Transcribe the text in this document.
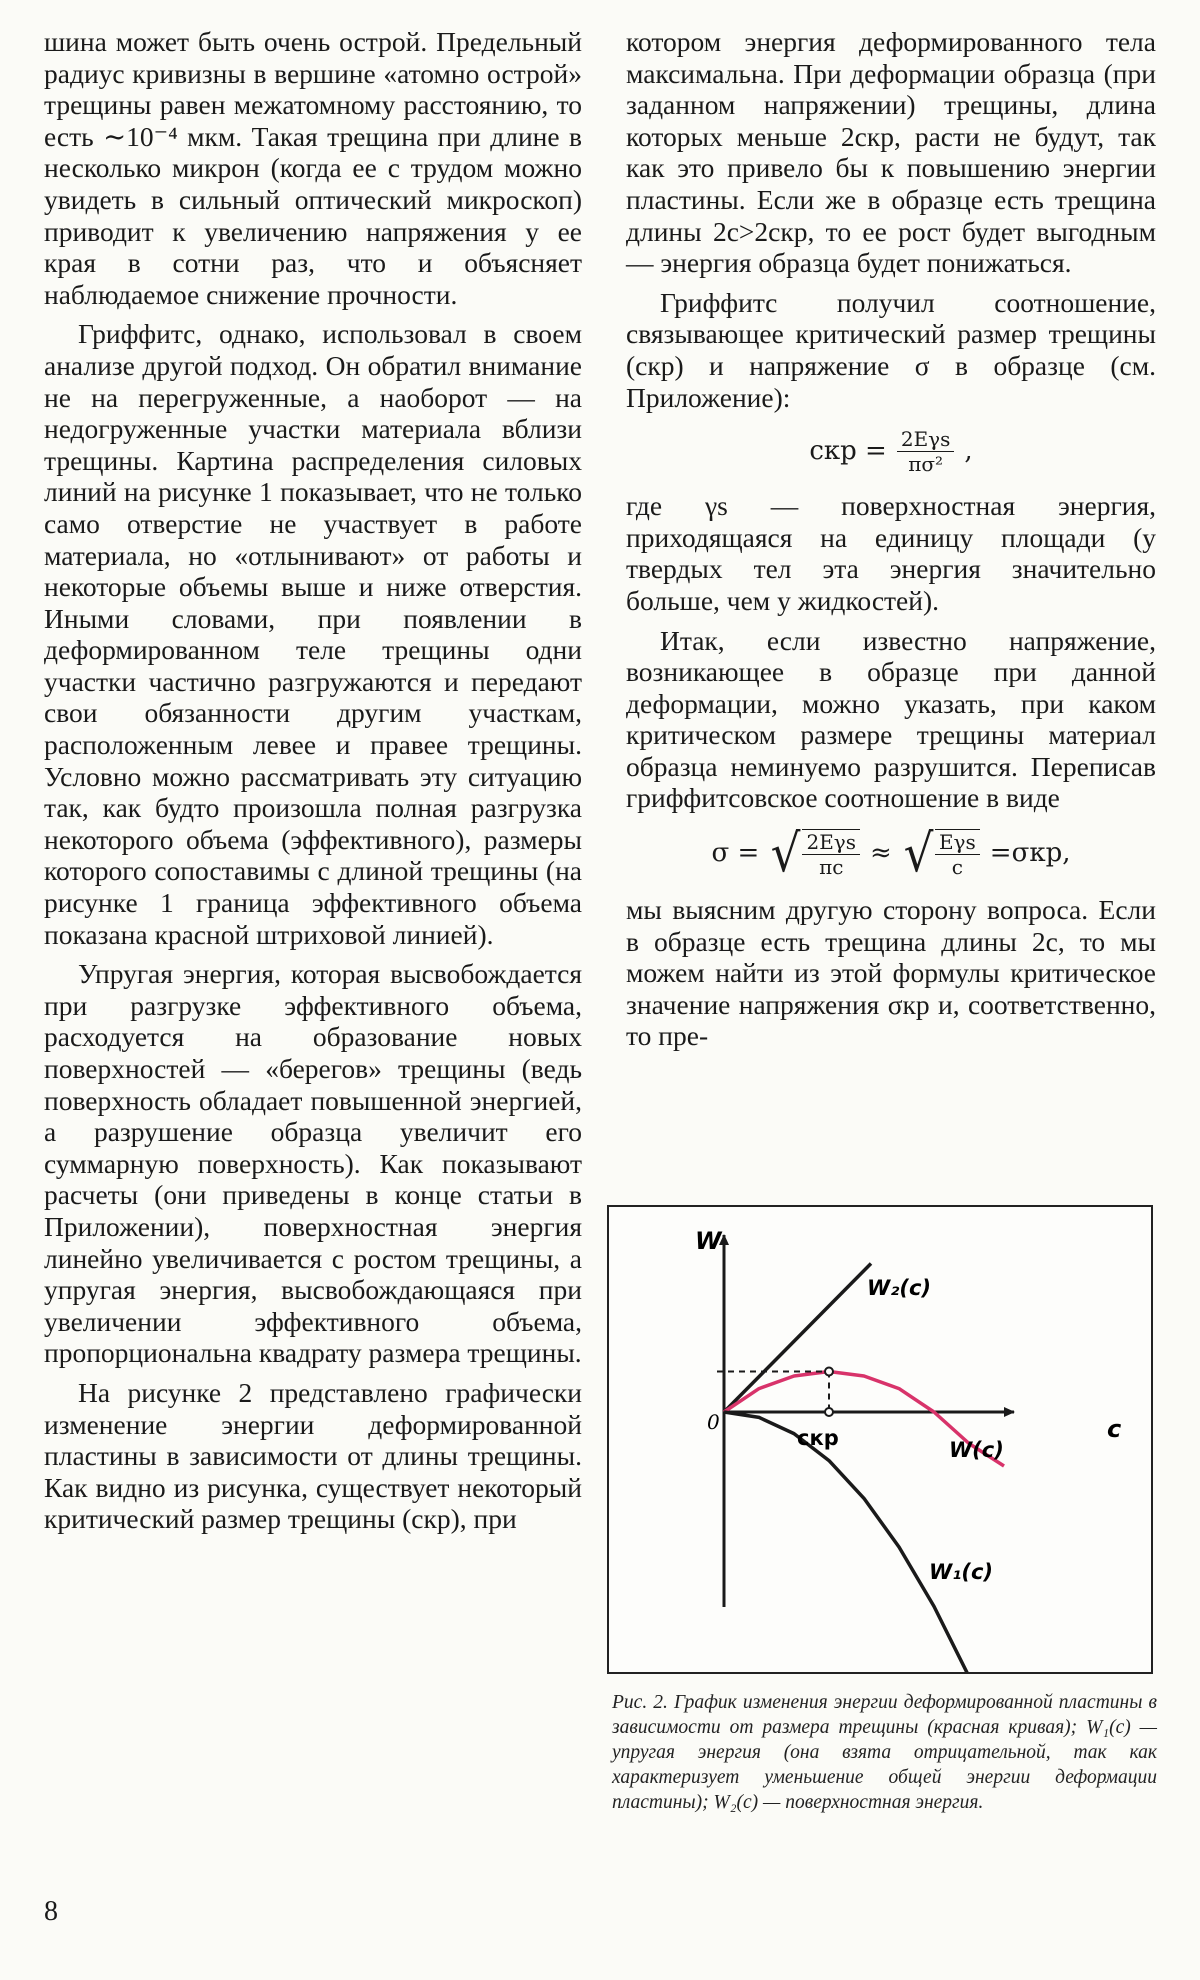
шина может быть очень острой. Предельный радиус кривизны в вершине «атомно острой» трещины равен межатомному расстоянию, то есть ∼10⁻⁴ мкм. Такая трещина при длине в несколько микрон (когда ее с трудом можно увидеть в сильный оптический микроскоп) приводит к увеличению напряжения у ее края в сотни раз, что и объясняет наблюдаемое снижение прочности.

Гриффитс, однако, использовал в своем анализе другой подход. Он обратил внимание не на перегруженные, а наоборот — на недогруженные участки материала вблизи трещины. Картина распределения силовых линий на рисунке 1 показывает, что не только само отверстие не участвует в работе материала, но «отлынивают» от работы и некоторые объемы выше и ниже отверстия. Иными словами, при появлении в деформированном теле трещины одни участки частично разгружаются и передают свои обязанности другим участкам, расположенным левее и правее трещины. Условно можно рассматривать эту ситуацию так, как будто произошла полная разгрузка некоторого объема (эффективного), размеры которого сопоставимы с длиной трещины (на рисунке 1 граница эффективного объема показана красной штриховой линией).

Упругая энергия, которая высвобождается при разгрузке эффективного объема, расходуется на образование новых поверхностей — «берегов» трещины (ведь поверхность обладает повышенной энергией, а разрушение образца увеличит его суммарную поверхность). Как показывают расчеты (они приведены в конце статьи в Приложении), поверхностная энергия линейно увеличивается с ростом трещины, а упругая энергия, высвобождающаяся при увеличении эффективного объема, пропорциональна квадрату размера трещины.

На рисунке 2 представлено графически изменение энергии деформированной пластины в зависимости от длины трещины. Как видно из рисунка, существует некоторый критический размер трещины (cкр), при

котором энергия деформированного тела максимальна. При деформации образца (при заданном напряжении) трещины, длина которых меньше 2cкр, расти не будут, так как это привело бы к повышению энергии пластины. Если же в образце есть трещина длины 2c>2cкр, то ее рост будет выгодным — энергия образца будет понижаться.

Гриффитс получил соотношение, связывающее критический размер трещины (cкр) и напряжение σ в образце (см. Приложение):

cкр = $\frac{\text{2Eγs}}{\text{πσ²}}$ ,

где γs — поверхностная энергия, приходящаяся на единицу площади (у твердых тел эта энергия значительно больше, чем у жидкостей).

Итак, если известно напряжение, возникающее в образце при данной деформации, можно указать, при каком критическом размере трещины материал образца неминуемо разрушится. Переписав гриффитсовское соотношение в виде

σ = √ $\frac{\text{2Eγs}}{\pi c}$ ≈ √ $\frac{\text{Eγs}}{c} =\sigma кр$,

мы выясним другую сторону вопроса. Если в образце есть трещина длины 2c, то мы можем найти из этой формулы критическое значение напряжения σкр и, соответственно, то пре-

W
c
0
cкр
W₂(c)
W(c)
W₁(c)
Рис. 2. График изменения энергии деформированной пластины в зависимости от размера трещины (красная кривая); W₁(c) — упругая энергия (она взята отрицательной, так как характеризует уменьшение общей энергии деформации пластины); W₂(c) — поверхностная энергия.
8
